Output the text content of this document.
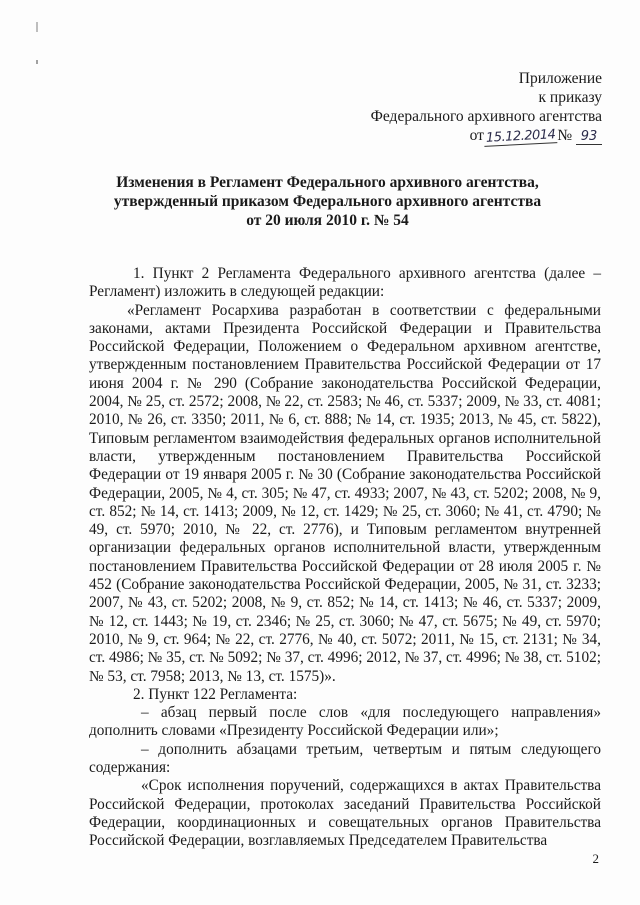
Приложение
к приказу
Федерального архивного агентства
от 15.12.2014 № 93
Изменения в Регламент Федерального архивного агентства,
утвержденный приказом Федерального архивного агентства
от 20 июля 2010 г. № 54

1. Пункт 2 Регламента Федерального архивного агентства (далее – Регламент) изложить в следующей редакции:

«Регламент Росархива разработан в соответствии с федеральными законами, актами Президента Российской Федерации и Правительства Российской Федерации, Положением о Федеральном архивном агентстве, утвержденным постановлением Правительства Российской Федерации от 17 июня 2004 г. № 290 (Собрание законодательства Российской Федерации, 2004, № 25, ст. 2572; 2008, № 22, ст. 2583; № 46, ст. 5337; 2009, № 33, ст. 4081; 2010, № 26, ст. 3350; 2011, № 6, ст. 888; № 14, ст. 1935; 2013, № 45, ст. 5822), Типовым регламентом взаимодействия федеральных органов исполнительной власти, утвержденным постановлением Правительства Российской Федерации от 19 января 2005 г. № 30 (Собрание законодательства Российской Федерации, 2005, № 4, ст. 305; № 47, ст. 4933; 2007, № 43, ст. 5202; 2008, № 9, ст. 852; № 14, ст. 1413; 2009, № 12, ст. 1429; № 25, ст. 3060; № 41, ст. 4790; № 49, ст. 5970; 2010, № 22, ст. 2776), и Типовым регламентом внутренней организации федеральных органов исполнительной власти, утвержденным постановлением Правительства Российской Федерации от 28 июля 2005 г. № 452 (Собрание законодательства Российской Федерации, 2005, № 31, ст. 3233; 2007, № 43, ст. 5202; 2008, № 9, ст. 852; № 14, ст. 1413; № 46, ст. 5337; 2009, № 12, ст. 1443; № 19, ст. 2346; № 25, ст. 3060; № 47, ст. 5675; № 49, ст. 5970; 2010, № 9, ст. 964; № 22, ст. 2776, № 40, ст. 5072; 2011, № 15, ст. 2131; № 34, ст. 4986; № 35, ст. № 5092; № 37, ст. 4996; 2012, № 37, ст. 4996; № 38, ст. 5102; № 53, ст. 7958; 2013, № 13, ст. 1575)».

2. Пункт 122 Регламента:

– абзац первый после слов «для последующего направления» дополнить словами «Президенту Российской Федерации или»;

– дополнить абзацами третьим, четвертым и пятым следующего содержания:

«Срок исполнения поручений, содержащихся в актах Правительства Российской Федерации, протоколах заседаний Правительства Российской Федерации, координационных и совещательных органов Правительства Российской Федерации, возглавляемых Председателем Правительства

2
